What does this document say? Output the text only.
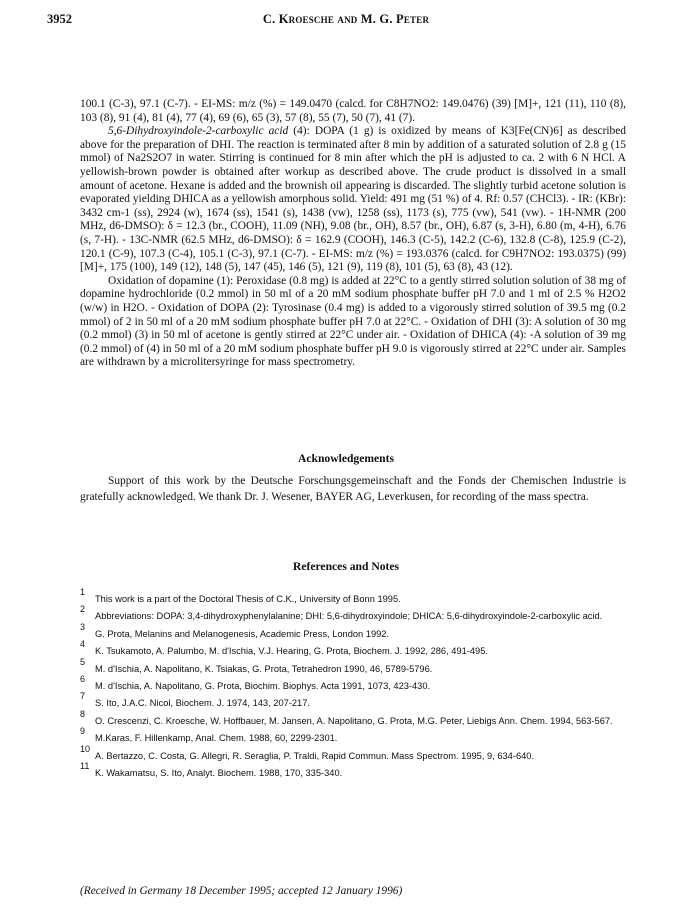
3952	C. Kroesche and M. G. Peter

100.1 (C-3), 97.1 (C-7). - EI-MS: m/z (%) = 149.0470 (calcd. for C8H7NO2: 149.0476) (39) [M]+, 121 (11), 110 (8), 103 (8), 91 (4), 81 (4), 77 (4), 69 (6), 65 (3), 57 (8), 55 (7), 50 (7), 41 (7).

5,6-Dihydroxyindole-2-carboxylic acid (4): DOPA (1 g) is oxidized by means of K3[Fe(CN)6] as described above for the preparation of DHI. The reaction is terminated after 8 min by addition of a saturated solution of 2.8 g (15 mmol) of Na2S2O7 in water. Stirring is continued for 8 min after which the pH is adjusted to ca. 2 with 6 N HCl. A yellowish-brown powder is obtained after workup as described above. The crude product is dissolved in a small amount of acetone. Hexane is added and the brownish oil appearing is discarded. The slightly turbid acetone solution is evaporated yielding DHICA as a yellowish amorphous solid. Yield: 491 mg (51 %) of 4. Rf: 0.57 (CHCl3). - IR: (KBr): 3432 cm-1 (ss), 2924 (w), 1674 (ss), 1541 (s), 1438 (vw), 1258 (ss), 1173 (s), 775 (vw), 541 (vw). - 1H-NMR (200 MHz, d6-DMSO): δ = 12.3 (br., COOH), 11.09 (NH), 9.08 (br., OH), 8.57 (br., OH), 6.87 (s, 3-H), 6.80 (m, 4-H), 6.76 (s, 7-H). - 13C-NMR (62.5 MHz, d6-DMSO): δ = 162.9 (COOH), 146.3 (C-5), 142.2 (C-6), 132.8 (C-8), 125.9 (C-2), 120.1 (C-9), 107.3 (C-4), 105.1 (C-3), 97.1 (C-7). - EI-MS: m/z (%) = 193.0376 (calcd. for C9H7NO2: 193.0375) (99) [M]+, 175 (100), 149 (12), 148 (5), 147 (45), 146 (5), 121 (9), 119 (8), 101 (5), 63 (8), 43 (12).

Oxidation of dopamine (1): Peroxidase (0.8 mg) is added at 22°C to a gently stirred solution solution of 38 mg of dopamine hydrochloride (0.2 mmol) in 50 ml of a 20 mM sodium phosphate buffer pH 7.0 and 1 ml of 2.5 % H2O2 (w/w) in H2O. - Oxidation of DOPA (2): Tyrosinase (0.4 mg) is added to a vigorously stirred solution of 39.5 mg (0.2 mmol) of 2 in 50 ml of a 20 mM sodium phosphate buffer pH 7.0 at 22°C. - Oxidation of DHI (3): A solution of 30 mg (0.2 mmol) (3) in 50 ml of acetone is gently stirred at 22°C under air. - Oxidation of DHICA (4): -A solution of 39 mg (0.2 mmol) of (4) in 50 ml of a 20 mM sodium phosphate buffer pH 9.0 is vigorously stirred at 22°C under air. Samples are withdrawn by a microlitersyringe for mass spectrometry.

Acknowledgements

Support of this work by the Deutsche Forschungsgemeinschaft and the Fonds der Chemischen Industrie is gratefully acknowledged. We thank Dr. J. Wesener, BAYER AG, Leverkusen, for recording of the mass spectra.

References and Notes
1
This work is a part of the Doctoral Thesis of C.K., University of Bonn 1995.
2
Abbreviations: DOPA: 3,4-dihydroxyphenylalanine; DHI: 5,6-dihydroxyindole; DHICA: 5,6-dihydroxyindole-2-carboxylic acid.
3
G. Prota, Melanins and Melanogenesis, Academic Press, London 1992.
4
K. Tsukamoto, A. Palumbo, M. d'Ischia, V.J. Hearing, G. Prota, Biochem. J. 1992, 286, 491-495.
5
M. d'Ischia, A. Napolitano, K. Tsiakas, G. Prota, Tetrahedron 1990, 46, 5789-5796.
6
M. d'Ischia, A. Napolitano, G. Prota, Biochim. Biophys. Acta 1991, 1073, 423-430.
7
S. Ito, J.A.C. Nicol, Biochem. J. 1974, 143, 207-217.
8
O. Crescenzi, C. Kroesche, W. Hoffbauer, M. Jansen, A. Napolitano, G. Prota, M.G. Peter, Liebigs Ann. Chem. 1994, 563-567.
9
M.Karas, F. Hillenkamp, Anal. Chem. 1988, 60, 2299-2301.
10
A. Bertazzo, C. Costa, G. Allegri, R. Seraglia, P. Traldi, Rapid Commun. Mass Spectrom. 1995, 9, 634-640.
11
K. Wakamatsu, S. Ito, Analyt. Biochem. 1988, 170, 335-340.
(Received in Germany 18 December 1995; accepted 12 January 1996)
